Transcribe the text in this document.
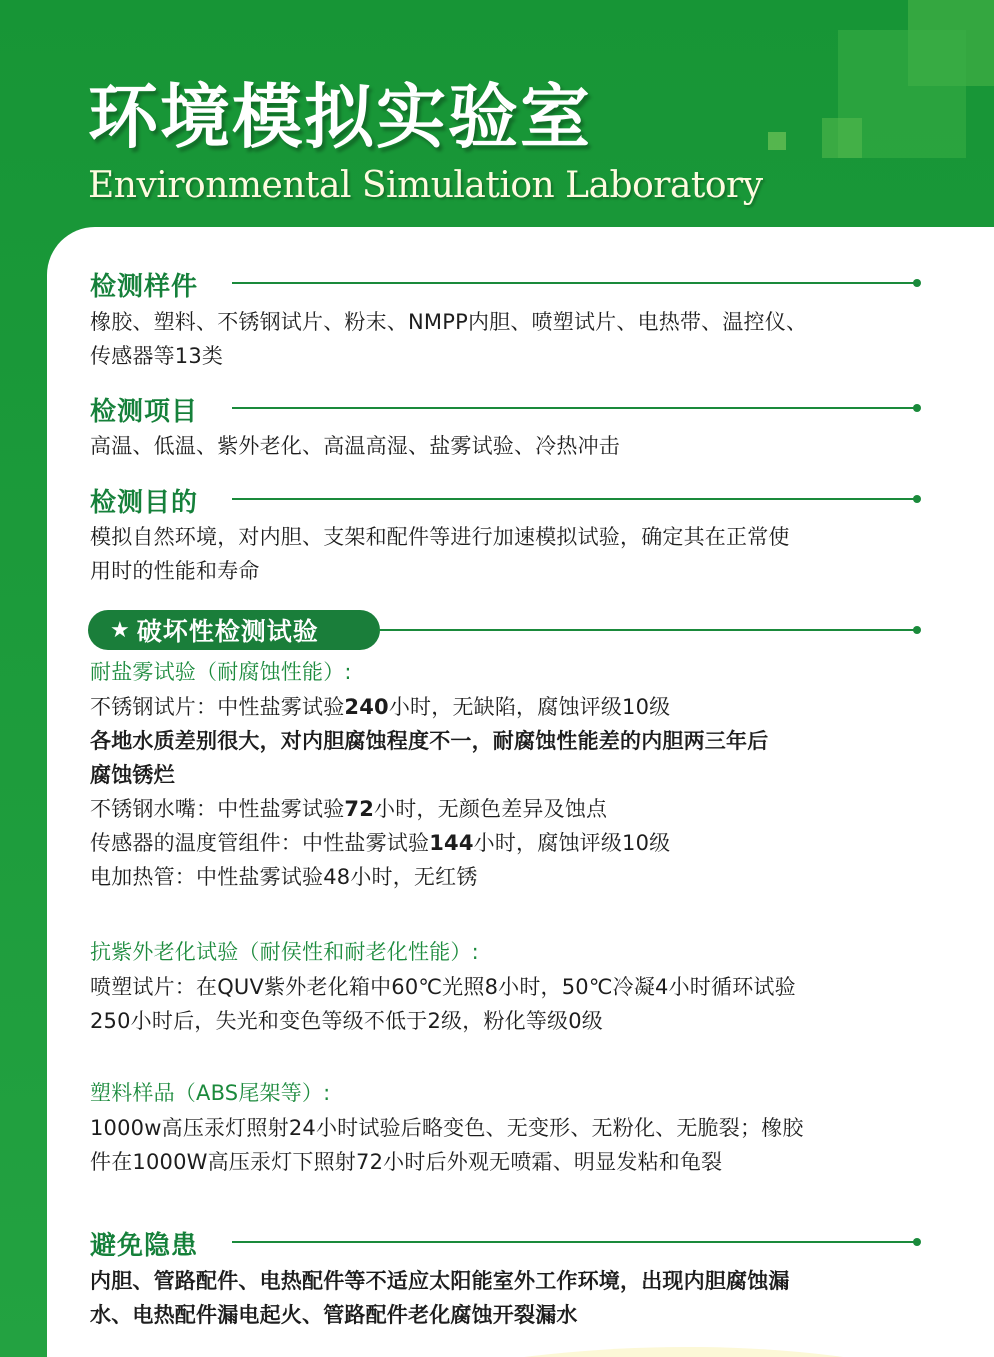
环境模拟实验室
Environmental Simulation Laboratory
检测样件
橡胶、塑料、不锈钢试片、粉末、NMPP内胆、喷塑试片、电热带、温控仪、
传感器等13类
检测项目
高温、低温、紫外老化、高温高湿、盐雾试验、冷热冲击
检测目的
模拟自然环境，对内胆、支架和配件等进行加速模拟试验，确定其在正常使
用时的性能和寿命
★ 破坏性检测试验
耐盐雾试验（耐腐蚀性能）:
不锈钢试片：中性盐雾试验240小时，无缺陷，腐蚀评级10级
各地水质差别很大，对内胆腐蚀程度不一，耐腐蚀性能差的内胆两三年后
腐蚀锈烂
不锈钢水嘴：中性盐雾试验72小时，无颜色差异及蚀点
传感器的温度管组件：中性盐雾试验144小时，腐蚀评级10级
电加热管：中性盐雾试验48小时，无红锈
抗紫外老化试验（耐侯性和耐老化性能）:
喷塑试片：在QUV紫外老化箱中60℃光照8小时，50℃冷凝4小时循环试验
250小时后，失光和变色等级不低于2级，粉化等级0级
塑料样品（ABS尾架等）:
1000w高压汞灯照射24小时试验后略变色、无变形、无粉化、无脆裂；橡胶
件在1000W高压汞灯下照射72小时后外观无喷霜、明显发粘和龟裂
避免隐患
内胆、管路配件、电热配件等不适应太阳能室外工作环境，出现内胆腐蚀漏
水、电热配件漏电起火、管路配件老化腐蚀开裂漏水
